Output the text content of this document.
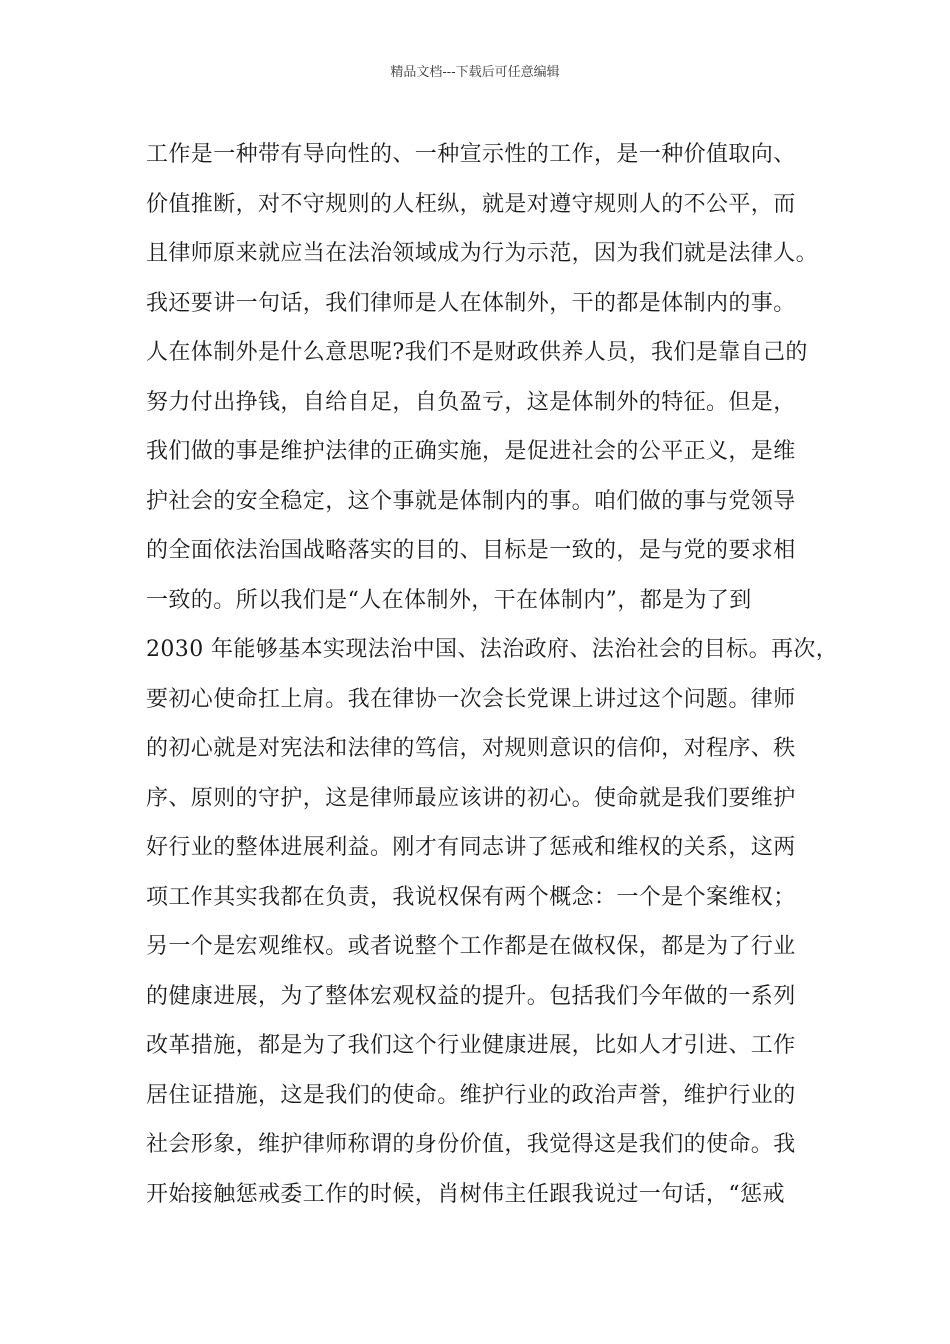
精品文档---下载后可任意编辑
工作是一种带有导向性的、一种宣示性的工作，是一种价值取向、
价值推断，对不守规则的人枉纵，就是对遵守规则人的不公平，而
且律师原来就应当在法治领域成为行为示范，因为我们就是法律人。
我还要讲一句话，我们律师是人在体制外，干的都是体制内的事。
人在体制外是什么意思呢?我们不是财政供养人员，我们是靠自己的
努力付出挣钱，自给自足，自负盈亏，这是体制外的特征。但是，
我们做的事是维护法律的正确实施，是促进社会的公平正义，是维
护社会的安全稳定，这个事就是体制内的事。咱们做的事与党领导
的全面依法治国战略落实的目的、目标是一致的，是与党的要求相
一致的。所以我们是“人在体制外，干在体制内”，都是为了到
2030 年能够基本实现法治中国、法治政府、法治社会的目标。再次，
要初心使命扛上肩。我在律协一次会长党课上讲过这个问题。律师
的初心就是对宪法和法律的笃信，对规则意识的信仰，对程序、秩
序、原则的守护，这是律师最应该讲的初心。使命就是我们要维护
好行业的整体进展利益。刚才有同志讲了惩戒和维权的关系，这两
项工作其实我都在负责，我说权保有两个概念：一个是个案维权；
另一个是宏观维权。或者说整个工作都是在做权保，都是为了行业
的健康进展，为了整体宏观权益的提升。包括我们今年做的一系列
改革措施，都是为了我们这个行业健康进展，比如人才引进、工作
居住证措施，这是我们的使命。维护行业的政治声誉，维护行业的
社会形象，维护律师称谓的身份价值，我觉得这是我们的使命。我
开始接触惩戒委工作的时候，肖树伟主任跟我说过一句话，“惩戒
